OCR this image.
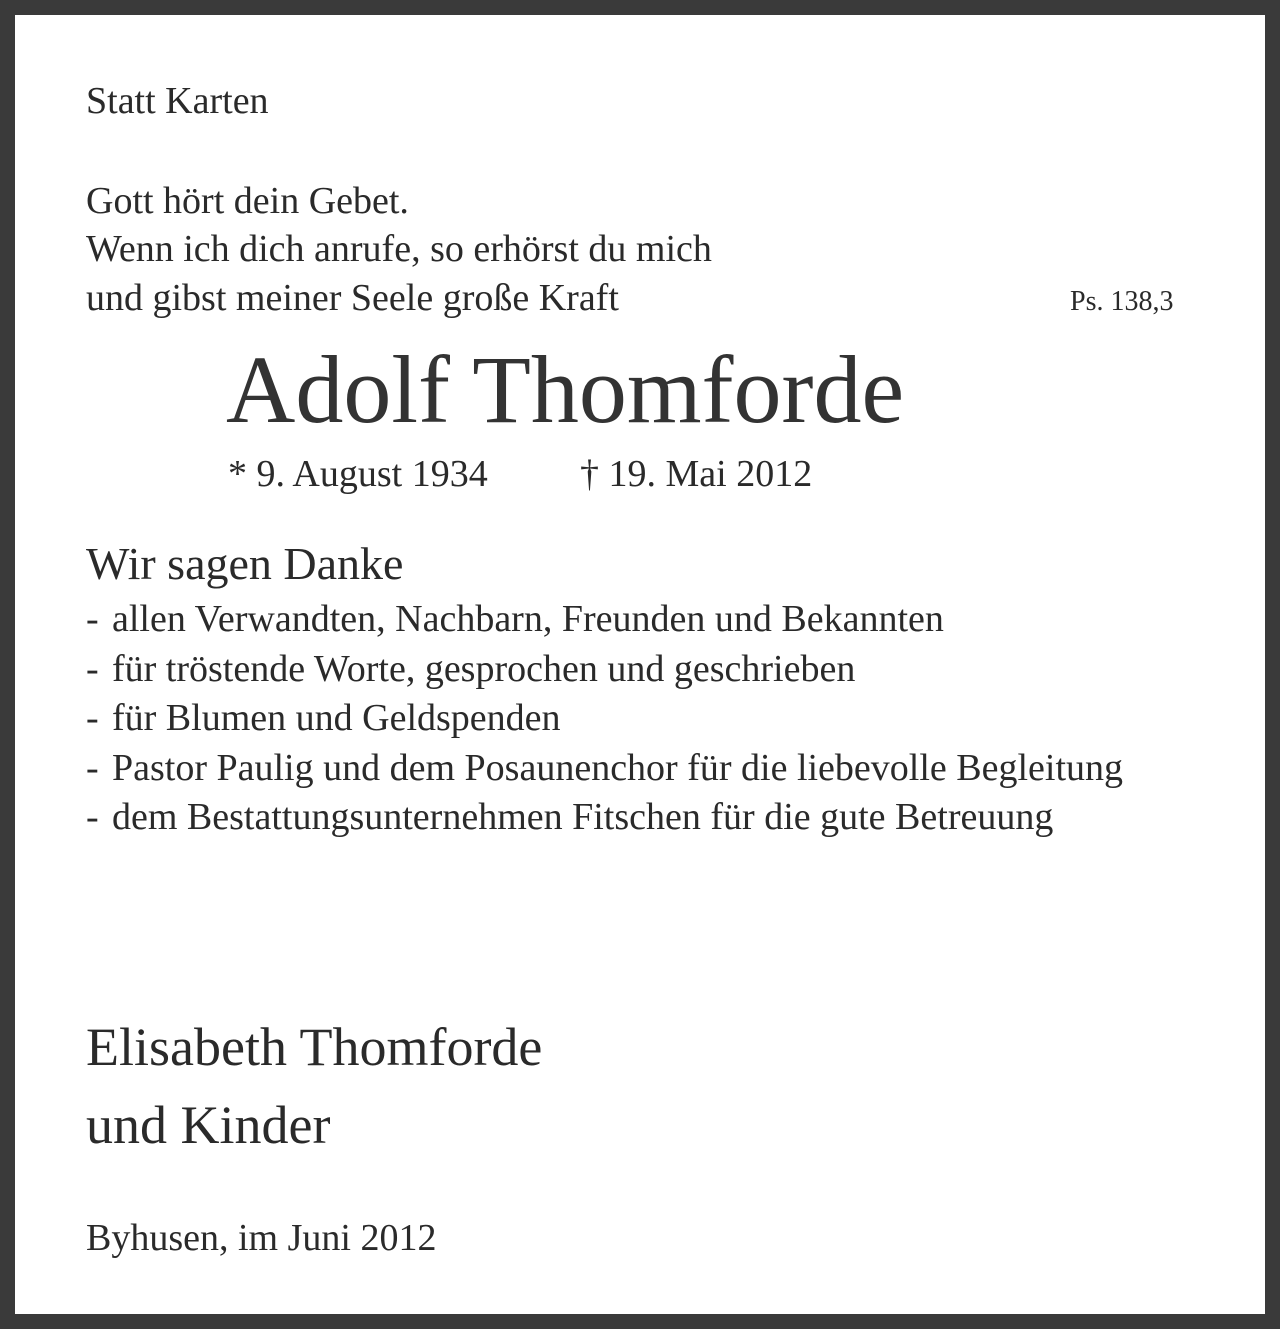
Statt Karten
Gott hört dein Gebet.
Wenn ich dich anrufe, so erhörst du mich
und gibst meiner Seele große Kraft	Ps. 138,3
Adolf Thomforde
* 9. August 1934 † 19. Mai 2012
Wir sagen Danke
- allen Verwandten, Nachbarn, Freunden und Bekannten
- für tröstende Worte, gesprochen und geschrieben
- für Blumen und Geldspenden
- Pastor Paulig und dem Posaunenchor für die liebevolle Begleitung
- dem Bestattungsunternehmen Fitschen für die gute Betreuung
Elisabeth Thomforde
und Kinder
Byhusen, im Juni 2012
